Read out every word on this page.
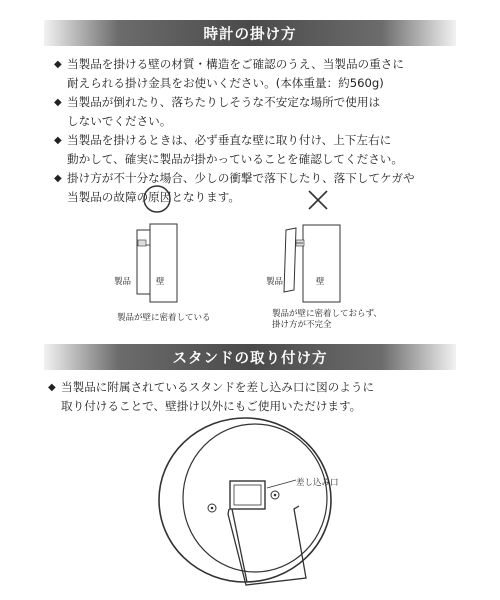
時計の掛け方
◆ 当製品を掛ける壁の材質・構造をご確認のうえ、当製品の重さに
耐えられる掛け金具をお使いください。(本体重量：約560g)
◆ 当製品が倒れたり、落ちたりしそうな不安定な場所で使用は
しないでください。
◆ 当製品を掛けるときは、必ず垂直な壁に取り付け、上下左右に
動かして、確実に製品が掛かっていることを確認してください。
◆ 掛け方が不十分な場合、少しの衝撃で落下したり、落下してケガや
当製品の故障の原因となります。
製品	壁
製品が壁に密着している
製品	壁
製品が壁に密着しておらず、
掛け方が不完全
スタンドの取り付け方
◆ 当製品に附属されているスタンドを差し込み口に図のように
取り付けることで、壁掛け以外にもご使用いただけます。
差し込み口
